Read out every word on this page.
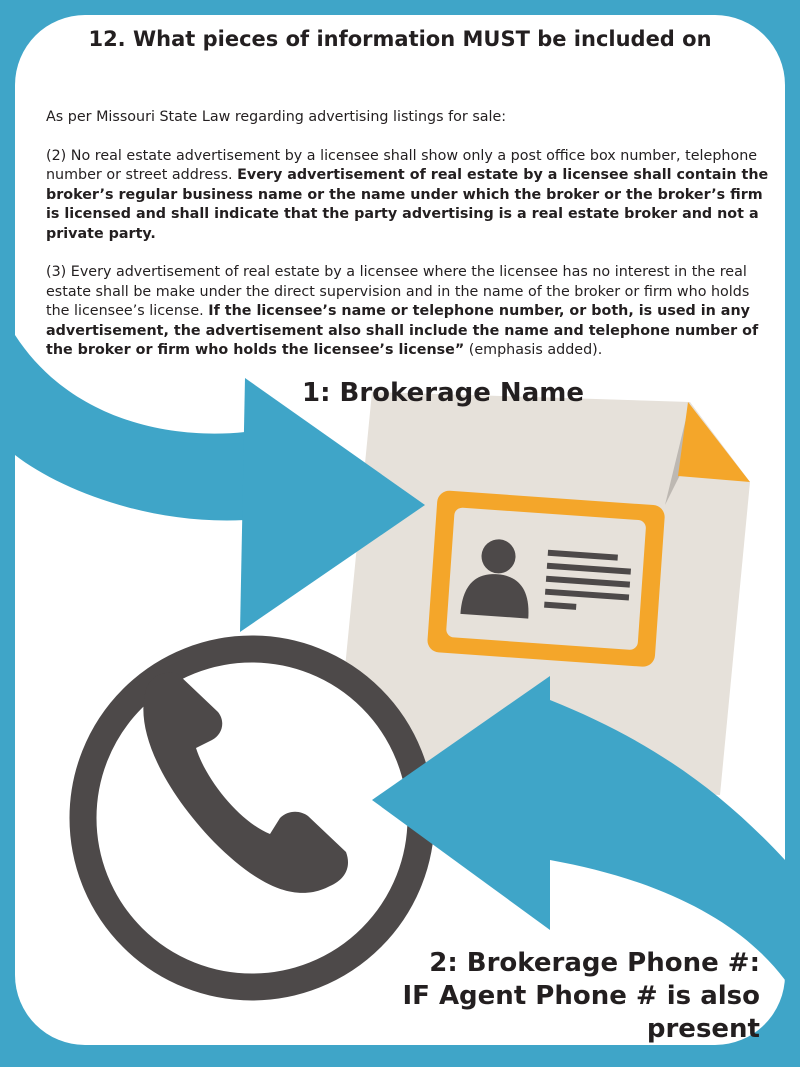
12. What pieces of information MUST be included on

As per Missouri State Law regarding advertising listings for sale:

(2) No real estate advertisement by a licensee shall show only a post office box number, telephone number or street address. Every advertisement of real estate by a licensee shall contain the broker’s regular business name or the name under which the broker or the broker’s firm is licensed and shall indicate that the party advertising is a real estate broker and not a private party.

(3) Every advertisement of real estate by a licensee where the licensee has no interest in the real estate shall be make under the direct supervision and in the name of the broker or firm who holds the licensee’s license. If the licensee’s name or telephone number, or both, is used in any advertisement, the advertisement also shall include the name and telephone number of the broker or firm who holds the licensee’s license” (emphasis added).

1: Brokerage Name
2: Brokerage Phone #:
IF Agent Phone # is also present
